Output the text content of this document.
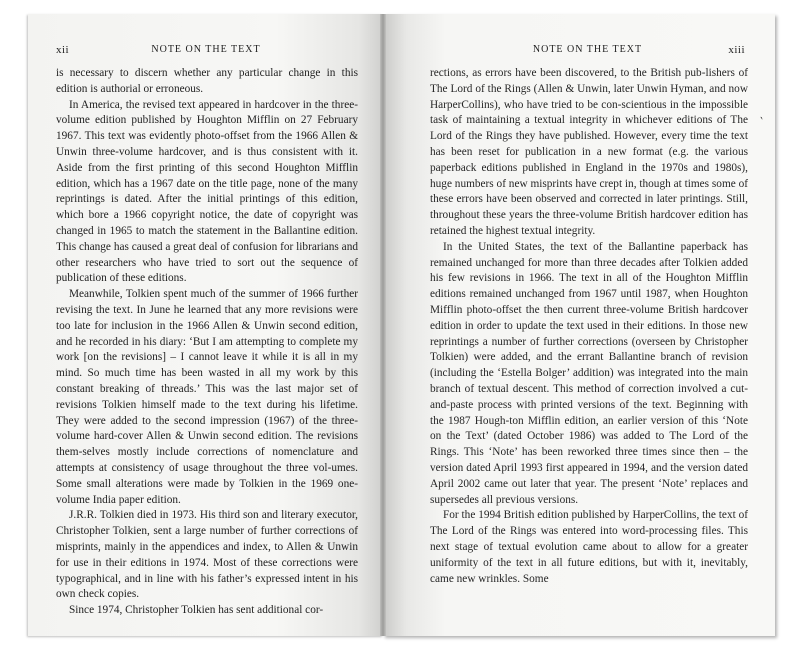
xii	NOTE ON THE TEXT

is necessary to discern whether any particular change in this edition is authorial or erroneous.

In America, the revised text appeared in hardcover in the three-volume edition published by Houghton Mifflin on 27 February 1967. This text was evidently photo-offset from the 1966 Allen & Unwin three-volume hardcover, and is thus consistent with it. Aside from the first printing of this second Houghton Mifflin edition, which has a 1967 date on the title page, none of the many reprintings is dated. After the initial printings of this edition, which bore a 1966 copyright notice, the date of copyright was changed in 1965 to match the statement in the Ballantine edition. This change has caused a great deal of confusion for librarians and other researchers who have tried to sort out the sequence of publication of these editions.

Meanwhile, Tolkien spent much of the summer of 1966 further revising the text. In June he learned that any more revisions were too late for inclusion in the 1966 Allen & Unwin second edition, and he recorded in his diary: ‘But I am attempting to complete my work [on the revisions] – I cannot leave it while it is all in my mind. So much time has been wasted in all my work by this constant breaking of threads.’ This was the last major set of revisions Tolkien himself made to the text during his lifetime. They were added to the second impression (1967) of the three-volume hard-cover Allen & Unwin second edition. The revisions them-selves mostly include corrections of nomenclature and attempts at consistency of usage throughout the three vol-umes. Some small alterations were made by Tolkien in the 1969 one-volume India paper edition.

J.R.R. Tolkien died in 1973. His third son and literary executor, Christopher Tolkien, sent a large number of further corrections of misprints, mainly in the appendices and index, to Allen & Unwin for use in their editions in 1974. Most of these corrections were typographical, and in line with his father’s expressed intent in his own check copies.

Since 1974, Christopher Tolkien has sent additional cor-

NOTE ON THE TEXT	xiii

rections, as errors have been discovered, to the British pub-lishers of The Lord of the Rings (Allen & Unwin, later Unwin Hyman, and now HarperCollins), who have tried to be con-scientious in the impossible task of maintaining a textual integrity in whichever editions of The Lord of the Rings they have published. However, every time the text has been reset for publication in a new format (e.g. the various paperback editions published in England in the 1970s and 1980s), huge numbers of new misprints have crept in, though at times some of these errors have been observed and corrected in later printings. Still, throughout these years the three-volume British hardcover edition has retained the highest textual integrity.

In the United States, the text of the Ballantine paperback has remained unchanged for more than three decades after Tolkien added his few revisions in 1966. The text in all of the Houghton Mifflin editions remained unchanged from 1967 until 1987, when Houghton Mifflin photo-offset the then current three-volume British hardcover edition in order to update the text used in their editions. In those new reprintings a number of further corrections (overseen by Christopher Tolkien) were added, and the errant Ballantine branch of revision (including the ‘Estella Bolger’ addition) was integrated into the main branch of textual descent. This method of correction involved a cut-and-paste process with printed versions of the text. Beginning with the 1987 Hough-ton Mifflin edition, an earlier version of this ‘Note on the Text’ (dated October 1986) was added to The Lord of the Rings. This ‘Note’ has been reworked three times since then – the version dated April 1993 first appeared in 1994, and the version dated April 2002 came out later that year. The present ‘Note’ replaces and supersedes all previous versions.

For the 1994 British edition published by HarperCollins, the text of The Lord of the Rings was entered into word-processing files. This next stage of textual evolution came about to allow for a greater uniformity of the text in all future editions, but with it, inevitably, came new wrinkles. Some

`
